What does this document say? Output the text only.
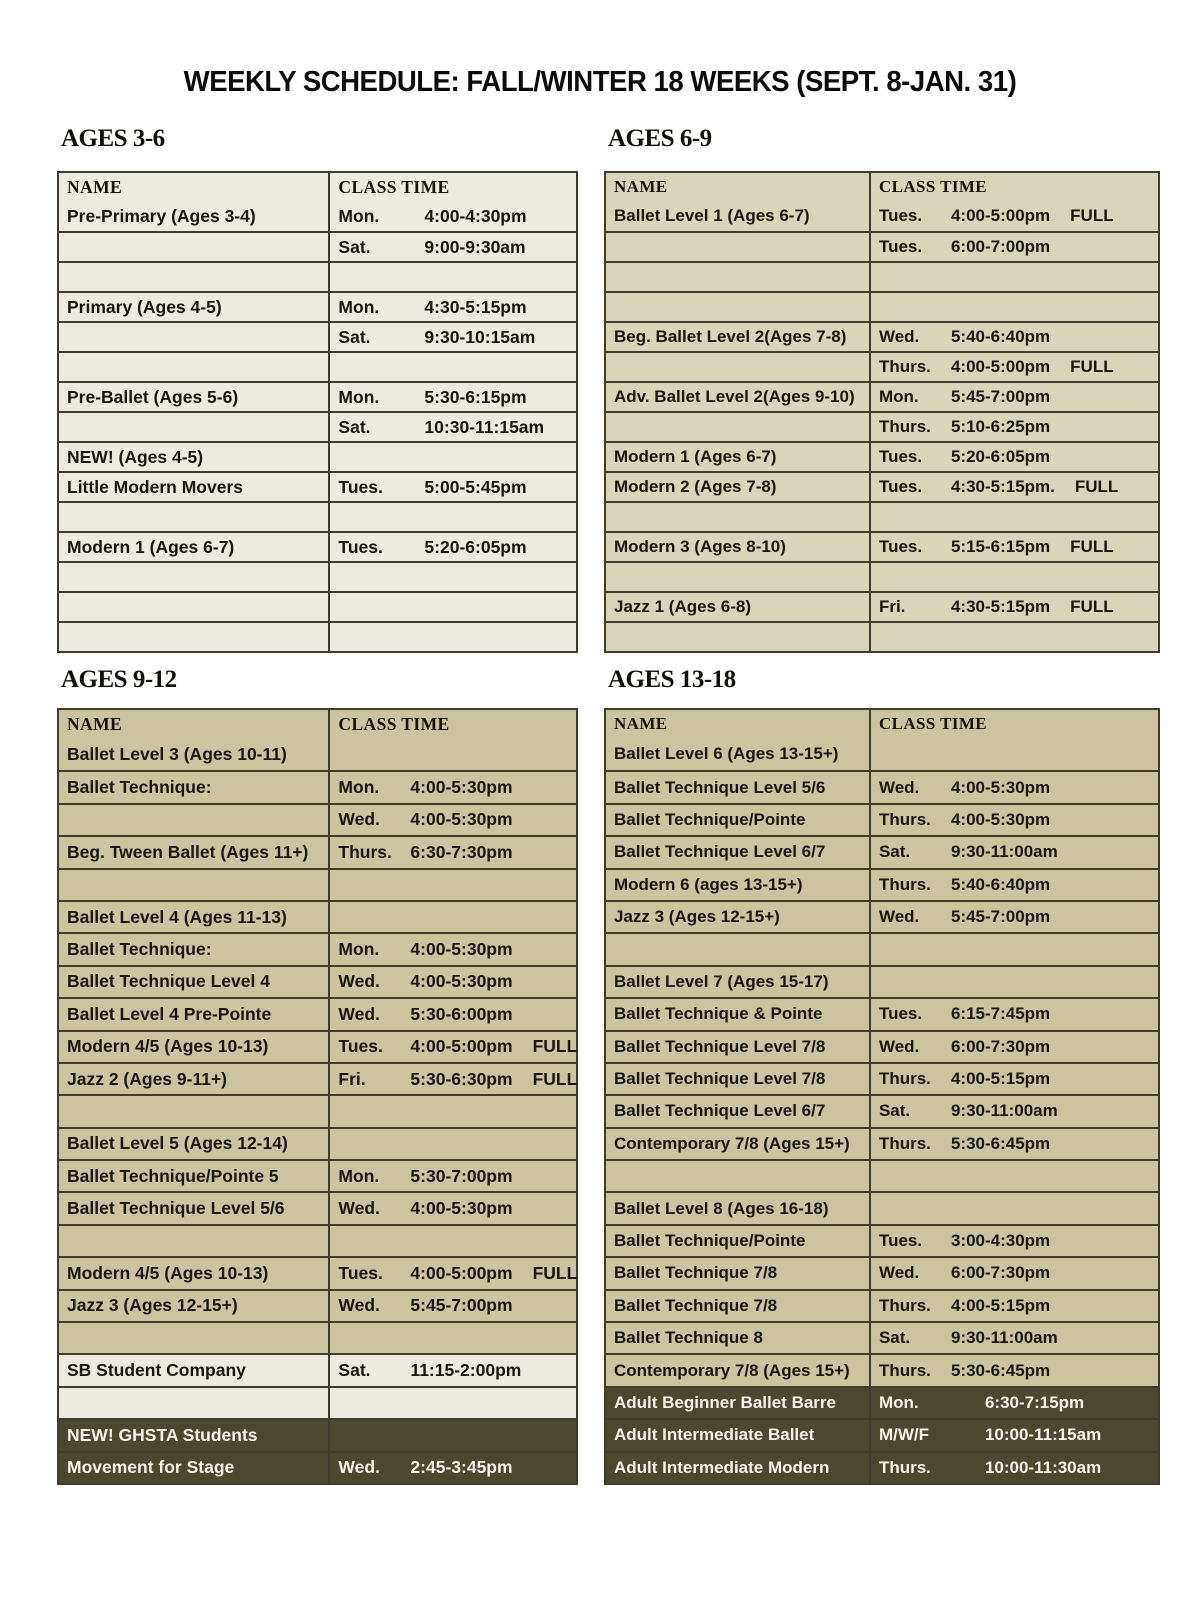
WEEKLY SCHEDULE: FALL/WINTER 18 WEEKS (SEPT. 8-JAN. 31)
AGES 3-6
NAME	CLASS TIME
Pre-Primary (Ages 3-4)	Mon.	4:00-4:30pm
Sat.	9:00-9:30am
Primary (Ages 4-5)	Mon.	4:30-5:15pm
Sat.	9:30-10:15am
Pre-Ballet (Ages 5-6)	Mon.	5:30-6:15pm
Sat.	10:30-11:15am
NEW! (Ages 4-5)
Little Modern Movers	Tues.	5:00-5:45pm
Modern 1 (Ages 6-7)	Tues.	5:20-6:05pm
AGES 9-12
NAME	CLASS TIME
Ballet Level 3 (Ages 10-11)
Ballet Technique:	Mon.	4:00-5:30pm
Wed.	4:00-5:30pm
Beg. Tween Ballet (Ages 11+)	Thurs.	6:30-7:30pm
Ballet Level 4 (Ages 11-13)
Ballet Technique:	Mon.	4:00-5:30pm
Ballet Technique Level 4	Wed.	4:00-5:30pm
Ballet Level 4 Pre-Pointe	Wed.	5:30-6:00pm
Modern 4/5 (Ages 10-13)	Tues.	4:00-5:00pm FULL
Jazz 2 (Ages 9-11+)	Fri.	5:30-6:30pm FULL
Ballet Level 5 (Ages 12-14)
Ballet Technique/Pointe 5	Mon.	5:30-7:00pm
Ballet Technique Level 5/6	Wed.	4:00-5:30pm
Modern 4/5 (Ages 10-13)	Tues.	4:00-5:00pm FULL
Jazz 3 (Ages 12-15+)	Wed.	5:45-7:00pm
SB Student Company	Sat.	11:15-2:00pm
NEW! GHSTA Students
Movement for Stage	Wed.	2:45-3:45pm
AGES 6-9
NAME	CLASS TIME
Ballet Level 1 (Ages 6-7)	Tues.	4:00-5:00pm FULL
Tues.	6:00-7:00pm
Beg. Ballet Level 2(Ages 7-8)	Wed.	5:40-6:40pm
Thurs.	4:00-5:00pm FULL
Adv. Ballet Level 2(Ages 9-10)	Mon.	5:45-7:00pm
Thurs.	5:10-6:25pm
Modern 1 (Ages 6-7)	Tues.	5:20-6:05pm
Modern 2 (Ages 7-8)	Tues.	4:30-5:15pm. FULL
Modern 3 (Ages 8-10)	Tues.	5:15-6:15pm FULL
Jazz 1 (Ages 6-8)	Fri.	4:30-5:15pm FULL
AGES 13-18
NAME	CLASS TIME
Ballet Level 6 (Ages 13-15+)
Ballet Technique Level 5/6	Wed.	4:00-5:30pm
Ballet Technique/Pointe	Thurs.	4:00-5:30pm
Ballet Technique Level 6/7	Sat.	9:30-11:00am
Modern 6 (ages 13-15+)	Thurs.	5:40-6:40pm
Jazz 3 (Ages 12-15+)	Wed.	5:45-7:00pm
Ballet Level 7 (Ages 15-17)
Ballet Technique & Pointe	Tues.	6:15-7:45pm
Ballet Technique Level 7/8	Wed.	6:00-7:30pm
Ballet Technique Level 7/8	Thurs.	4:00-5:15pm
Ballet Technique Level 6/7	Sat.	9:30-11:00am
Contemporary 7/8 (Ages 15+)	Thurs.	5:30-6:45pm
Ballet Level 8 (Ages 16-18)
Ballet Technique/Pointe	Tues.	3:00-4:30pm
Ballet Technique 7/8	Wed.	6:00-7:30pm
Ballet Technique 7/8	Thurs.	4:00-5:15pm
Ballet Technique 8	Sat.	9:30-11:00am
Contemporary 7/8 (Ages 15+)	Thurs.	5:30-6:45pm
Adult Beginner Ballet Barre	Mon.	6:30-7:15pm
Adult Intermediate Ballet	M/W/F	10:00-11:15am
Adult Intermediate Modern	Thurs.	10:00-11:30am
